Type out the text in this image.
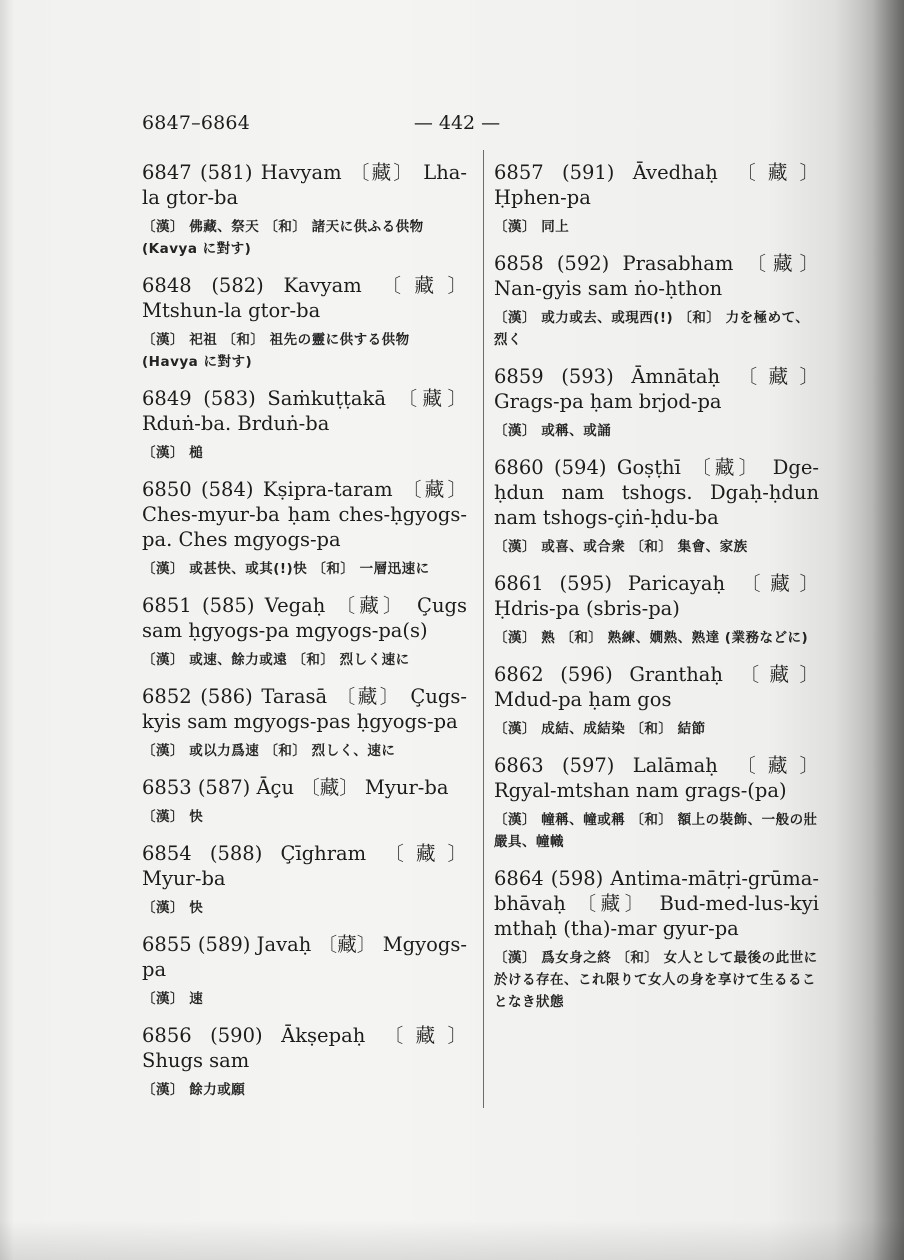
6847–6864	— 442 —
6847 (581) Havyam 〔藏〕 Lha-la gtor-ba
〔漢〕 佛藏、祭天 〔和〕 諸天に供ふる供物 (Kavya に對す)
6848 (582) Kavyam 〔藏〕 Mtshun-la gtor-ba
〔漢〕 祀祖 〔和〕 祖先の靈に供する供物 (Havya に對す)
6849 (583) Saṁkuṭṭakā 〔藏〕 Rduṅ-ba. Brduṅ-ba
〔漢〕 槌
6850 (584) Kṣipra-taram 〔藏〕 Ches-myur-ba ḥam ches-ḥgyogs-pa. Ches mgyogs-pa
〔漢〕 或甚快、或其(!)快 〔和〕 一層迅速に
6851 (585) Vegaḥ 〔藏〕 Çugs sam ḥgyogs-pa mgyogs-pa(s)
〔漢〕 或速、餘力或遠 〔和〕 烈しく速に
6852 (586) Tarasā 〔藏〕 Çugs-kyis sam mgyogs-pas ḥgyogs-pa
〔漢〕 或以力爲速 〔和〕 烈しく、速に
6853 (587) Āçu 〔藏〕 Myur-ba
〔漢〕 快
6854 (588) Çīghram 〔藏〕 Myur-ba
〔漢〕 快
6855 (589) Javaḥ 〔藏〕 Mgyogs-pa
〔漢〕 速
6856 (590) Ākṣepaḥ 〔藏〕 Shugs sam
〔漢〕 餘力或願
6857 (591) Āvedhaḥ 〔藏〕 Ḥphen-pa
〔漢〕 同上
6858 (592) Prasabham 〔藏〕 Nan-gyis sam ṅo-ḥthon
〔漢〕 或力或去、或現西(!) 〔和〕 力を極めて、烈く
6859 (593) Āmnātaḥ 〔藏〕 Grags-pa ḥam brjod-pa
〔漢〕 或稱、或誦
6860 (594) Goṣṭhī 〔藏〕 Dge-ḥdun nam tshogs. Dgaḥ-ḥdun nam tshogs-çiṅ-ḥdu-ba
〔漢〕 或喜、或合衆 〔和〕 集會、家族
6861 (595) Paricayaḥ 〔藏〕 Ḥdris-pa (sbris-pa)
〔漢〕 熟 〔和〕 熟練、嫺熟、熟達 (業務などに)
6862 (596) Granthaḥ 〔藏〕 Mdud-pa ḥam gos
〔漢〕 成結、成結染 〔和〕 結節
6863 (597) Lalāmaḥ 〔藏〕 Rgyal-mtshan nam grags-(pa)
〔漢〕 幢稱、幢或稱 〔和〕 額上の裝飾、一般の壯嚴具、幢幟
6864 (598) Antima-mātṛi-grūma-bhāvaḥ 〔藏〕 Bud-med-lus-kyi mthaḥ (tha)-mar gyur-pa
〔漢〕 爲女身之終 〔和〕 女人として最後の此世に於ける存在、これ限りて女人の身を享けて生るることなき狀態
